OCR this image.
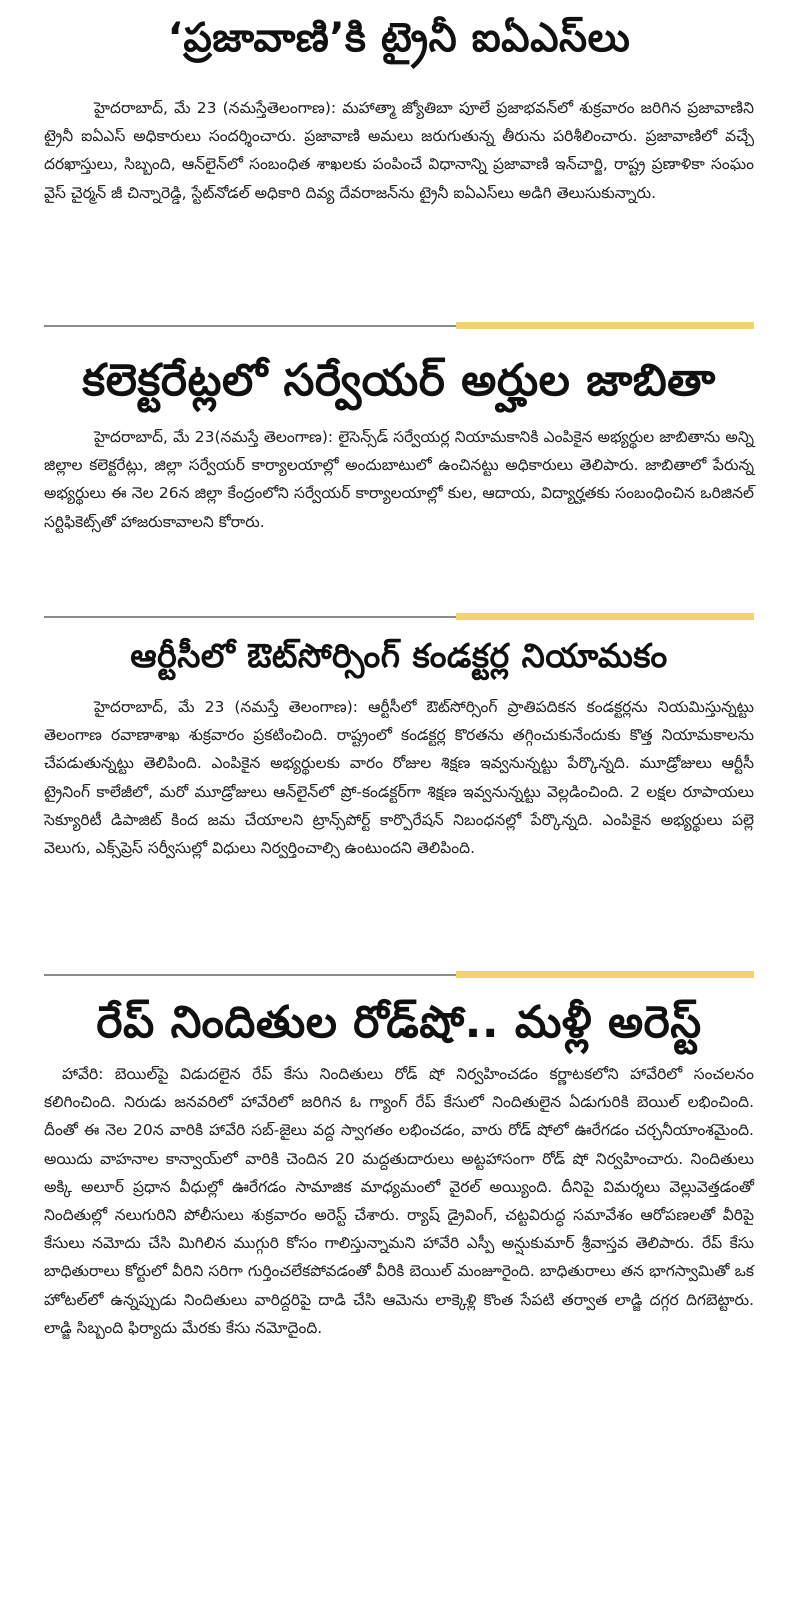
‘ప్రజావాణి’కి ట్రైనీ ఐఏఎస్‌లు

హైదరాబాద్‌, మే 23 (నమస్తేతెలంగాణ): మహాత్మా జ్యోతిబా పూలే ప్రజాభవన్‌లో శుక్రవారం జరిగిన ప్రజావాణిని ట్రైనీ ఐఏఎస్‌ అధికారులు సందర్శించారు. ప్రజావాణి అమలు జరుగుతున్న తీరును పరిశీలించారు. ప్రజావాణిలో వచ్చే దరఖాస్తులు, సిబ్బంది, ఆన్‌లైన్‌లో సంబంధిత శాఖలకు పంపించే విధానాన్ని ప్రజావాణి ఇన్‌చార్జి, రాష్ట్ర ప్రణాళికా సంఘం వైస్‌ చైర్మన్‌ జీ చిన్నారెడ్డి, స్టేట్‌నోడల్‌ అధికారి దివ్య దేవరాజన్‌ను ట్రైనీ ఐఏఎస్‌లు అడిగి తెలుసుకున్నారు.

కలెక్టరేట్లలో సర్వేయర్‌ అర్హుల జాబితా

హైదరాబాద్‌, మే 23(నమస్తే తెలంగాణ): లైసెన్స్‌డ్‌ సర్వేయర్ల నియామకానికి ఎంపికైన అభ్యర్థుల జాబితాను అన్ని జిల్లాల కలెక్టరేట్లు, జిల్లా సర్వేయర్‌ కార్యాలయాల్లో అందుబాటులో ఉంచినట్టు అధికారులు తెలిపారు. జాబితాలో పేరున్న అభ్యర్థులు ఈ నెల 26న జిల్లా కేంద్రంలోని సర్వేయర్‌ కార్యాలయాల్లో కుల, ఆదాయ, విద్యార్హతకు సంబంధించిన ఒరిజినల్‌ సర్టిఫికెట్స్‌తో హాజరుకావాలని కోరారు.

ఆర్టీసీలో ఔట్‌సోర్సింగ్‌ కండక్టర్ల నియామకం

హైదరాబాద్‌, మే 23 (నమస్తే తెలంగాణ): ఆర్టీసీలో ఔట్‌సోర్సింగ్‌ ప్రాతిపదికన కండక్టర్లను నియమిస్తున్నట్టు తెలంగాణ రవాణాశాఖ శుక్రవారం ప్రకటించింది. రాష్ట్రంలో కండక్టర్ల కొరతను తగ్గించుకునేందుకు కొత్త నియామకాలను చేపడుతున్నట్టు తెలిపింది. ఎంపికైన అభ్యర్థులకు వారం రోజుల శిక్షణ ఇవ్వనున్నట్టు పేర్కొన్నది. మూడ్రోజులు ఆర్టీసీ ట్రైనింగ్‌ కాలేజీలో, మరో మూడ్రోజులు ఆన్‌లైన్‌లో ప్రో-కండక్టర్‌గా శిక్షణ ఇవ్వనున్నట్టు వెల్లడించింది. 2 లక్షల రూపాయలు సెక్యూరిటీ డిపాజిట్‌ కింద జమ చేయాలని ట్రాన్స్‌పోర్ట్‌ కార్పొరేషన్‌ నిబంధనల్లో పేర్కొన్నది. ఎంపికైన అభ్యర్థులు పల్లె వెలుగు, ఎక్స్‌ప్రెస్‌ సర్వీసుల్లో విధులు నిర్వర్తించాల్సి ఉంటుందని తెలిపింది.

రేప్‌ నిందితుల రోడ్‌షో.. మళ్లీ అరెస్ట్‌

హావేరి: బెయిల్‌పై విడుదలైన రేప్‌ కేసు నిందితులు రోడ్‌ షో నిర్వహించడం కర్ణాటకలోని హావేరిలో సంచలనం కలిగించింది. నిరుడు జనవరిలో హావేరిలో జరిగిన ఓ గ్యాంగ్‌ రేప్‌ కేసులో నిందితులైన ఏడుగురికి బెయిల్‌ లభించింది. దీంతో ఈ నెల 20న వారికి హావేరి సబ్‌-జైలు వద్ద స్వాగతం లభించడం, వారు రోడ్‌ షోలో ఊరేగడం చర్చనీయాంశమైంది. అయిదు వాహనాల కాన్వాయ్‌లో వారికి చెందిన 20 మద్దతుదారులు అట్టహాసంగా రోడ్‌ షో నిర్వహించారు. నిందితులు అక్కి అలూర్‌ ప్రధాన వీధుల్లో ఊరేగడం సామాజిక మాధ్యమంలో వైరల్‌ అయ్యింది. దీనిపై విమర్శలు వెల్లువెత్తడంతో నిందితుల్లో నలుగురిని పోలీసులు శుక్రవారం అరెస్ట్‌ చేశారు. ర్యాష్‌ డ్రైవింగ్‌, చట్టవిరుద్ధ సమావేశం ఆరోపణలతో వీరిపై కేసులు నమోదు చేసి మిగిలిన ముగ్గురి కోసం గాలిస్తున్నామని హావేరి ఎస్పీ అన్షుకుమార్‌ శ్రీవాస్తవ తెలిపారు. రేప్‌ కేసు బాధితురాలు కోర్టులో వీరిని సరిగా గుర్తించలేకపోవడంతో వీరికి బెయిల్‌ మంజూరైంది. బాధితురాలు తన భాగస్వామితో ఒక హోటల్‌లో ఉన్నప్పుడు నిందితులు వారిద్దరిపై దాడి చేసి ఆమెను లాక్కెళ్లి కొంత సేపటి తర్వాత లాడ్జి దగ్గర దిగబెట్టారు. లాడ్జి సిబ్బంది ఫిర్యాదు మేరకు కేసు నమోదైంది.
